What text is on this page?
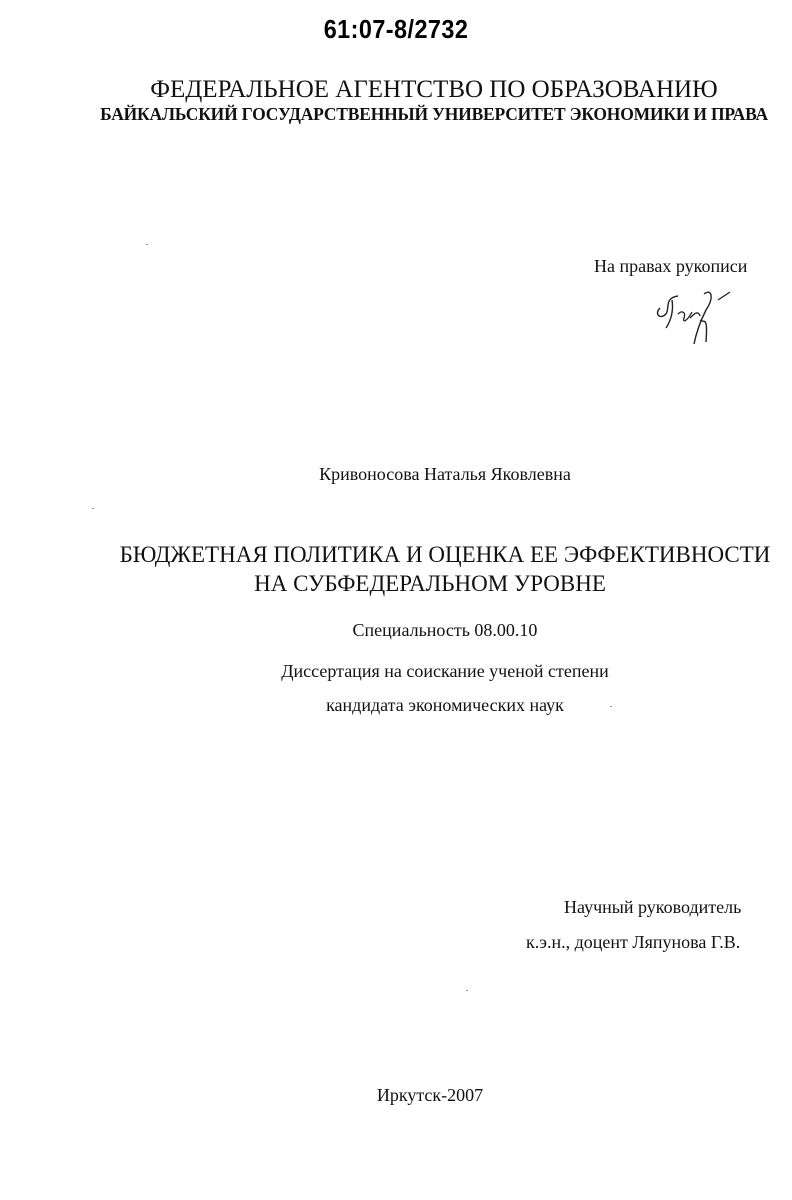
61:07-8/2732
ФЕДЕРАЛЬНОЕ АГЕНТСТВО ПО ОБРАЗОВАНИЮ
БАЙКАЛЬСКИЙ ГОСУДАРСТВЕННЫЙ УНИВЕРСИТЕТ ЭКОНОМИКИ И ПРАВА
На правах рукописи
Кривоносова Наталья Яковлевна
БЮДЖЕТНАЯ ПОЛИТИКА И ОЦЕНКА ЕЕ ЭФФЕКТИВНОСТИ
НА СУБФЕДЕРАЛЬНОМ УРОВНЕ
Специальность 08.00.10
Диссертация на соискание ученой степени
кандидата экономических наук
Научный руководитель
к.э.н., доцент Ляпунова Г.В.
Иркутск-2007
